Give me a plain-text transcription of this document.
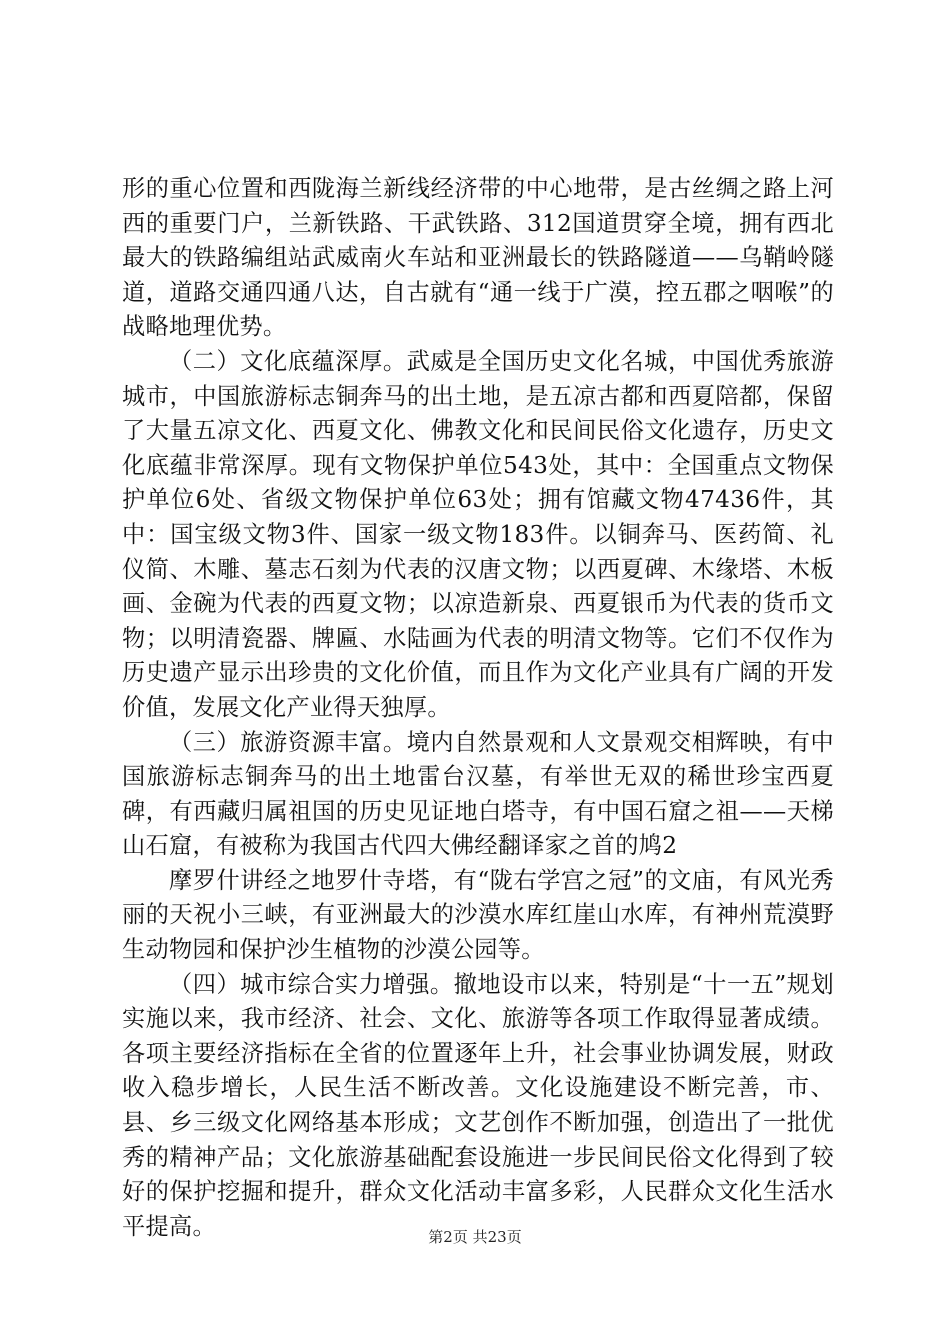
形的重心位置和西陇海兰新线经济带的中心地带，是古丝绸之路上河西的重要门户，兰新铁路、干武铁路、312国道贯穿全境，拥有西北最大的铁路编组站武威南火车站和亚洲最长的铁路隧道——乌鞘岭隧道，道路交通四通八达，自古就有“通一线于广漠，控五郡之咽喉”的战略地理优势。

（二）文化底蕴深厚。武威是全国历史文化名城，中国优秀旅游城市，中国旅游标志铜奔马的出土地，是五凉古都和西夏陪都，保留了大量五凉文化、西夏文化、佛教文化和民间民俗文化遗存，历史文化底蕴非常深厚。现有文物保护单位543处，其中：全国重点文物保护单位6处、省级文物保护单位63处；拥有馆藏文物47436件，其中：国宝级文物3件、国家一级文物183件。以铜奔马、医药简、礼仪简、木雕、墓志石刻为代表的汉唐文物；以西夏碑、木缘塔、木板画、金碗为代表的西夏文物；以凉造新泉、西夏银币为代表的货币文物；以明清瓷器、牌匾、水陆画为代表的明清文物等。它们不仅作为历史遗产显示出珍贵的文化价值，而且作为文化产业具有广阔的开发价值，发展文化产业得天独厚。

（三）旅游资源丰富。境内自然景观和人文景观交相辉映，有中国旅游标志铜奔马的出土地雷台汉墓，有举世无双的稀世珍宝西夏碑，有西藏归属祖国的历史见证地白塔寺，有中国石窟之祖——天梯山石窟，有被称为我国古代四大佛经翻译家之首的鸠2

摩罗什讲经之地罗什寺塔，有“陇右学宫之冠”的文庙，有风光秀丽的天祝小三峡，有亚洲最大的沙漠水库红崖山水库，有神州荒漠野生动物园和保护沙生植物的沙漠公园等。

（四）城市综合实力增强。撤地设市以来，特别是“十一五”规划实施以来，我市经济、社会、文化、旅游等各项工作取得显著成绩。各项主要经济指标在全省的位置逐年上升，社会事业协调发展，财政收入稳步增长，人民生活不断改善。文化设施建设不断完善，市、县、乡三级文化网络基本形成；文艺创作不断加强，创造出了一批优秀的精神产品；文化旅游基础配套设施进一步民间民俗文化得到了较好的保护挖掘和提升，群众文化活动丰富多彩，人民群众文化生活水平提高。	第2页 共23页
